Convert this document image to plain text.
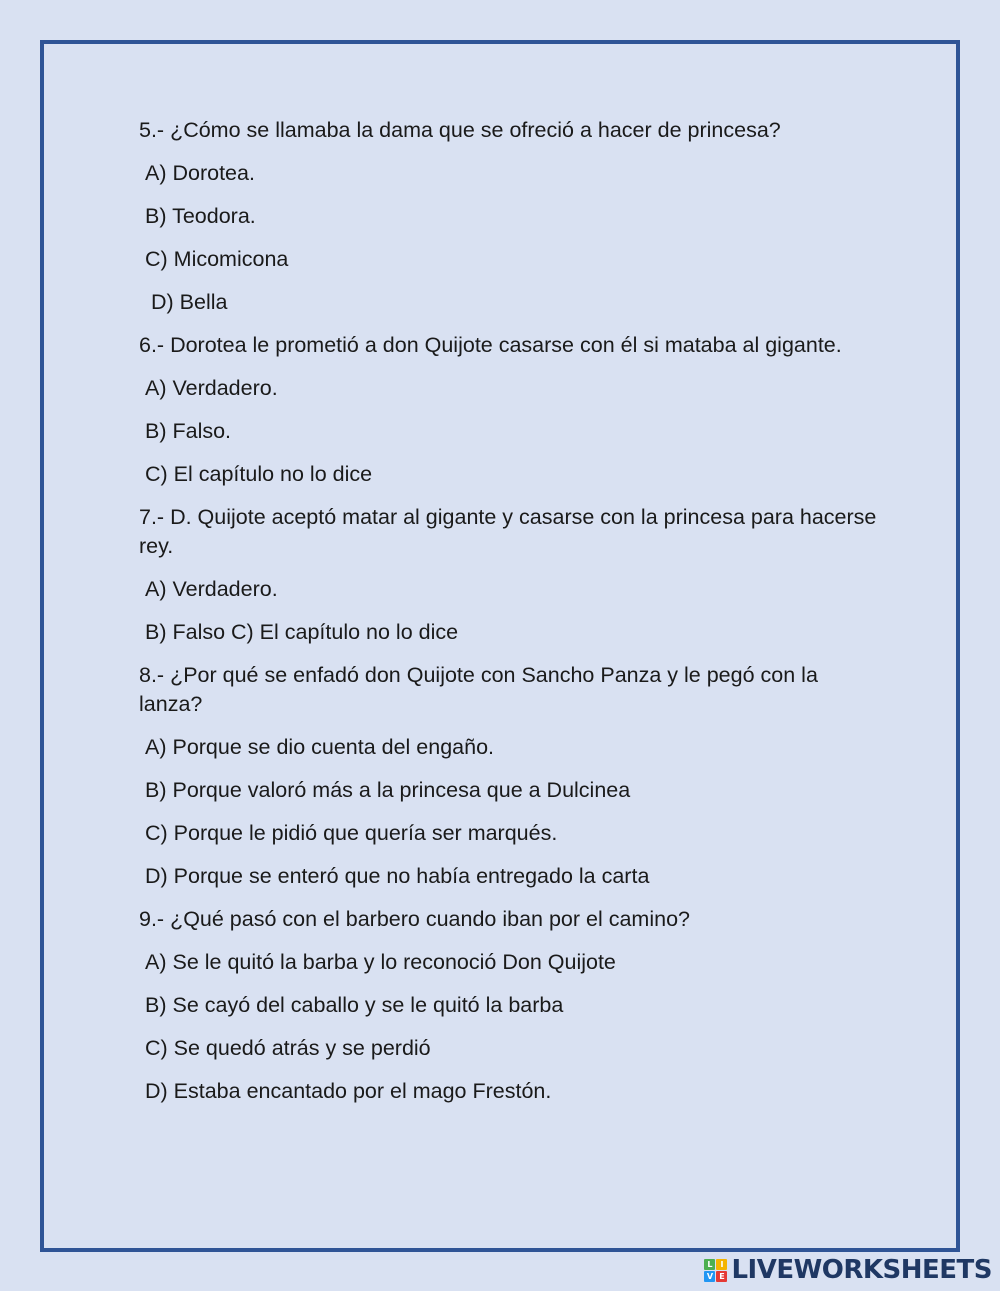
5.- ¿Cómo se llamaba la dama que se ofreció a hacer de princesa?
A) Dorotea.
B) Teodora.
C) Micomicona
D) Bella
6.- Dorotea le prometió a don Quijote casarse con él si mataba al gigante.
A) Verdadero.
B) Falso.
C) El capítulo no lo dice
7.- D. Quijote aceptó matar al gigante y casarse con la princesa para hacerse rey.
A) Verdadero.
B) Falso C) El capítulo no lo dice
8.- ¿Por qué se enfadó don Quijote con Sancho Panza y le pegó con la lanza?
A) Porque se dio cuenta del engaño.
B) Porque valoró más a la princesa que a Dulcinea
C) Porque le pidió que quería ser marqués.
D) Porque se enteró que no había entregado la carta
9.- ¿Qué pasó con el barbero cuando iban por el camino?
A) Se le quitó la barba y lo reconoció Don Quijote
B) Se cayó del caballo y se le quitó la barba
C) Se quedó atrás y se perdió
D) Estaba encantado por el mago Frestón.
L I
V E LIVEWORKSHEETS
